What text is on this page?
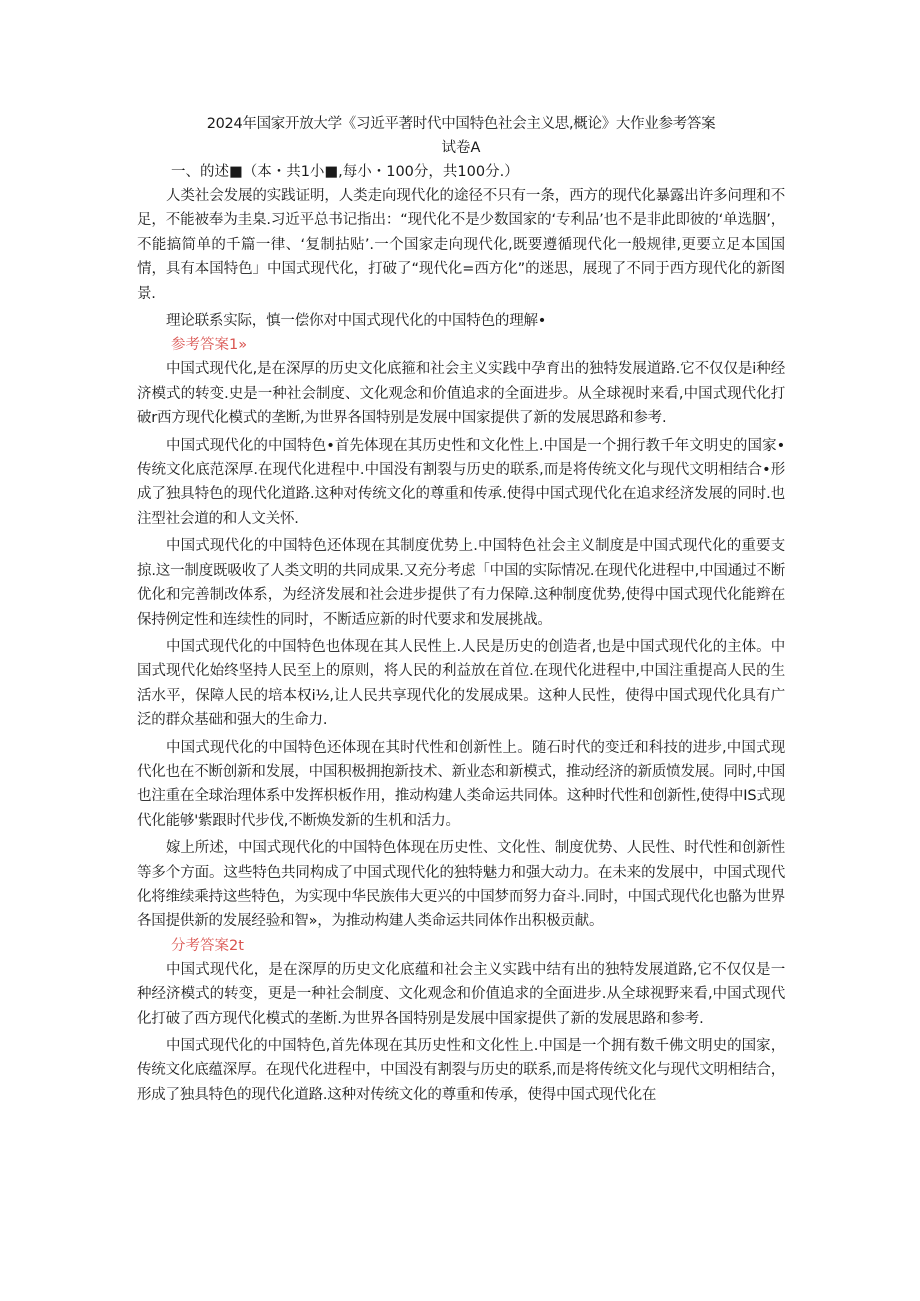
2024年国家开放大学《习近平著时代中国特色社会主义思,概论》大作业参考答案
试卷A
一、的述■（本・共1小■,每小・100分，共100分.）

人类社会发展的实践证明，人类走向现代化的途径不只有一条，西方的现代化暴露出许多问理和不足，不能被奉为圭臬.习近平总书记指出：“现代化不是少数国家的‘专利品’也不是非此即彼的‘单选胭’，不能搞简单的千篇一律、‘复制拈贴’.一个国家走向现代化,既要遵循现代化一般规律,更要立足本国国情，具有本国特色」中国式现代化，打破了“现代化=西方化”的迷思，展现了不同于西方现代化的新图景.

理论联系实际，慎一偿你对中国式现代化的中国特色的理解•

参考答案1»

中国式现代化,是在深厚的历史文化底箍和社会主义实践中孕育出的独特发展道路.它不仅仅是i种经济模式的转变.史是一种社会制度、文化观念和价值追求的全面进步。从全球视时来看,中国式现代化打破r西方现代化模式的垄断,为世界各国特别是发展中国家提供了新的发展思路和参考.

中国式现代化的中国特色•首先体现在其历史性和文化性上.中国是一个拥行教千年文明史的国家•传统文化底范深厚.在现代化进程中.中国没有割裂与历史的联系,而是将传统文化与现代文明相结合•形成了独具特色的现代化道路.这种对传统文化的尊重和传承.使得中国式现代化在追求经济发展的同时.也注型社会道的和人文关怀.

中国式现代化的中国特色还体现在其制度优势上.中国特色社会主义制度是中国式现代化的重要支掠.这一制度既吸收了人类文明的共同成果.又充分考虑「中国的实际情况.在现代化进程中,中国通过不断优化和完善制改体系，为经济发展和社会进步提供了有力保障.这种制度优势,使得中国式现代化能辫在保持例定性和连续性的同时，不断适应新的时代要求和发展挑战。

中国式现代化的中国特色也体现在其人民性上.人民是历史的创造者,也是中国式现代化的主体。中国式现代化始终坚持人民至上的原则，将人民的利益放在首位.在现代化进程中,中国注重提高人民的生活水平，保障人民的培本权i½,让人民共享现代化的发展成果。这种人民性，使得中国式现代化具有广泛的群众基础和强大的生命力.

中国式现代化的中国特色还体现在其时代性和创新性上。随石时代的变迁和科技的进步,中国式现代化也在不断创新和发展，中国积极拥抱新技术、新业态和新模式，推动经济的新质愤发展。同时,中国也注重在全球治理体系中发挥枳板作用，推动构建人类命运共同体。这种时代性和创新性,使得中IS式现代化能够'紫跟时代步伐,不断焕发新的生机和活力。

嫁上所述，中国式现代化的中国特色体现在历史性、文化性、制度优势、人民性、时代性和创新性等多个方面。这些特色共同构成了中国式现代化的独特魅力和强大动力。在未来的发展中，中国式现代化将维续乘持这些特色，为实现中华民族伟大更兴的中国梦而努力奋斗.同时，中国式现代化也骼为世界各国提供新的发展经验和智»，为推动构建人类命运共同体作出积极贡献。

分考答案2t

中国式现代化，是在深厚的历史文化底蕴和社会主义实践中结有出的独特发展道路,它不仅仅是一种经济模式的转变，更是一种社会制度、文化观念和价值追求的全面进步.从全球视野来看,中国式现代化打破了西方现代化模式的垄断.为世界各国特别是发展中国家提供了新的发展思路和参考.

中国式现代化的中国特色,首先体现在其历史性和文化性上.中国是一个拥有数千佛文明史的国家，传统文化底蕴深厚。在现代化进程中，中国没有割裂与历史的联系,而是将传统文化与现代文明相结合，形成了独具特色的现代化道路.这种对传统文化的尊重和传承，使得中国式现代化在
